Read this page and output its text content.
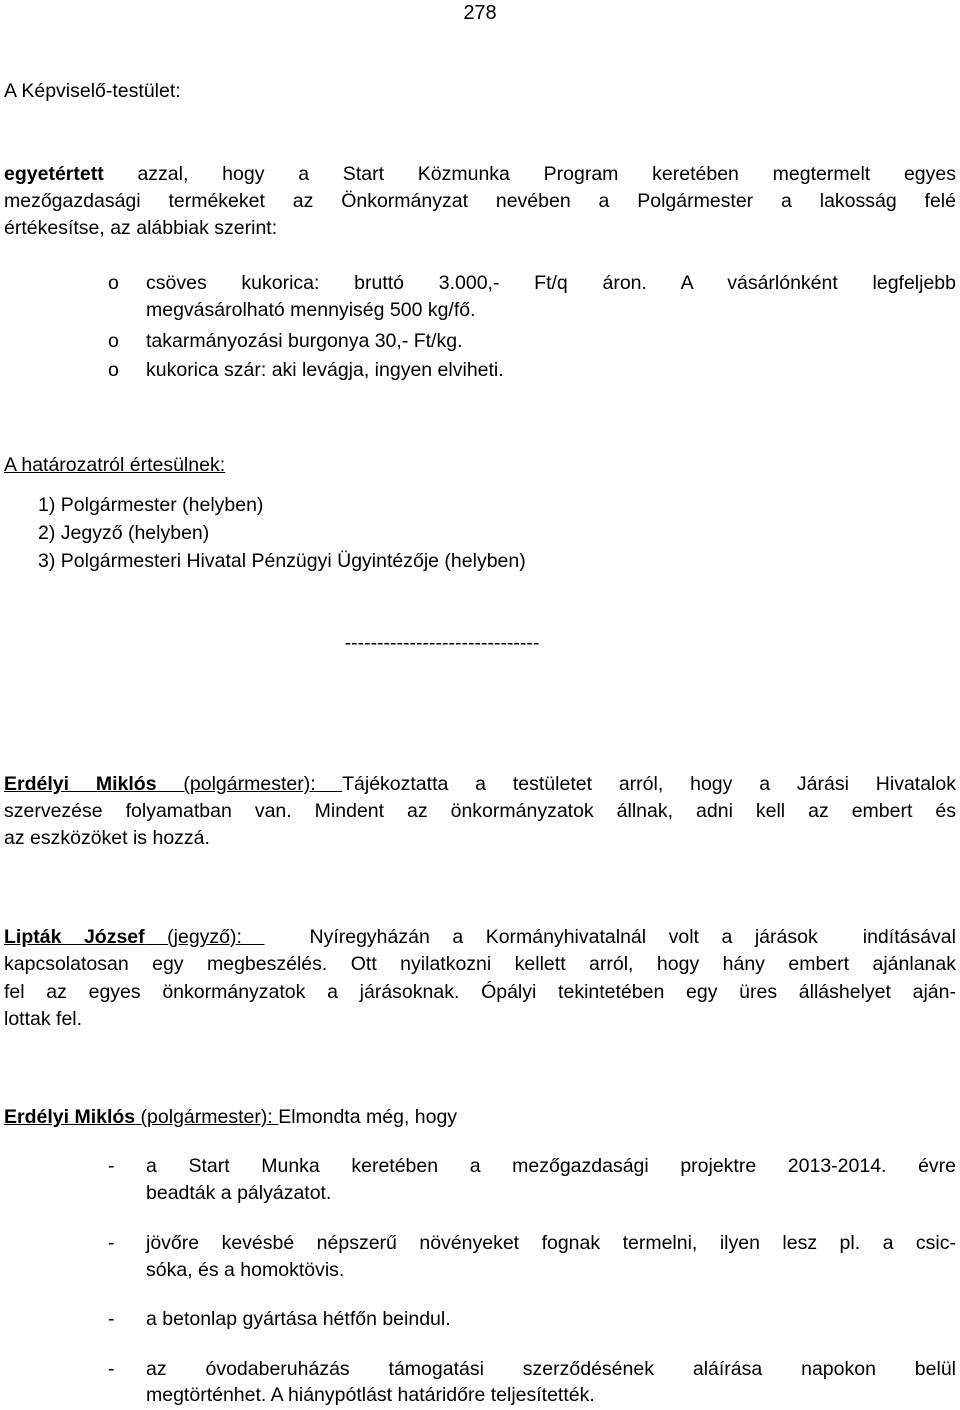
278
A Képviselő-testület:
egyetértett azzal, hogy a Start Közmunka Program keretében megtermelt egyes
mezőgazdasági termékeket az Önkormányzat nevében a Polgármester a lakosság felé
értékesítse, az alábbiak szerint:
o csöves kukorica: bruttó 3.000,- Ft/q áron. A vásárlónként legfeljebb
megvásárolható mennyiség 500 kg/fő.
o takarmányozási burgonya 30,- Ft/kg.
o kukorica szár: aki levágja, ingyen elviheti.
A határozatról értesülnek:
1) Polgármester (helyben)
2) Jegyző (helyben)
3) Polgármesteri Hivatal Pénzügyi Ügyintézője (helyben)
------------------------------
Erdélyi Miklós (polgármester): Tájékoztatta a testületet arról, hogy a Járási Hivatalok
szervezése folyamatban van. Mindent az önkormányzatok állnak, adni kell az embert és
az eszközöket is hozzá.
Lipták József (jegyző):   Nyíregyházán a Kormányhivatalnál volt a járások  indításával
kapcsolatosan egy megbeszélés. Ott nyilatkozni kellett arról, hogy hány embert ajánlanak
fel az egyes önkormányzatok a járásoknak. Ópályi tekintetében egy üres álláshelyet aján-
lottak fel.
Erdélyi Miklós (polgármester): Elmondta még, hogy
- a Start Munka keretében a mezőgazdasági projektre 2013-2014. évre
beadták a pályázatot.
- jövőre kevésbé népszerű növényeket fognak termelni, ilyen lesz pl. a csic-
sóka, és a homoktövis.
- a betonlap gyártása hétfőn beindul.
- az óvodaberuházás támogatási szerződésének aláírása napokon belül
megtörténhet. A hiánypótlást határidőre teljesítették.
